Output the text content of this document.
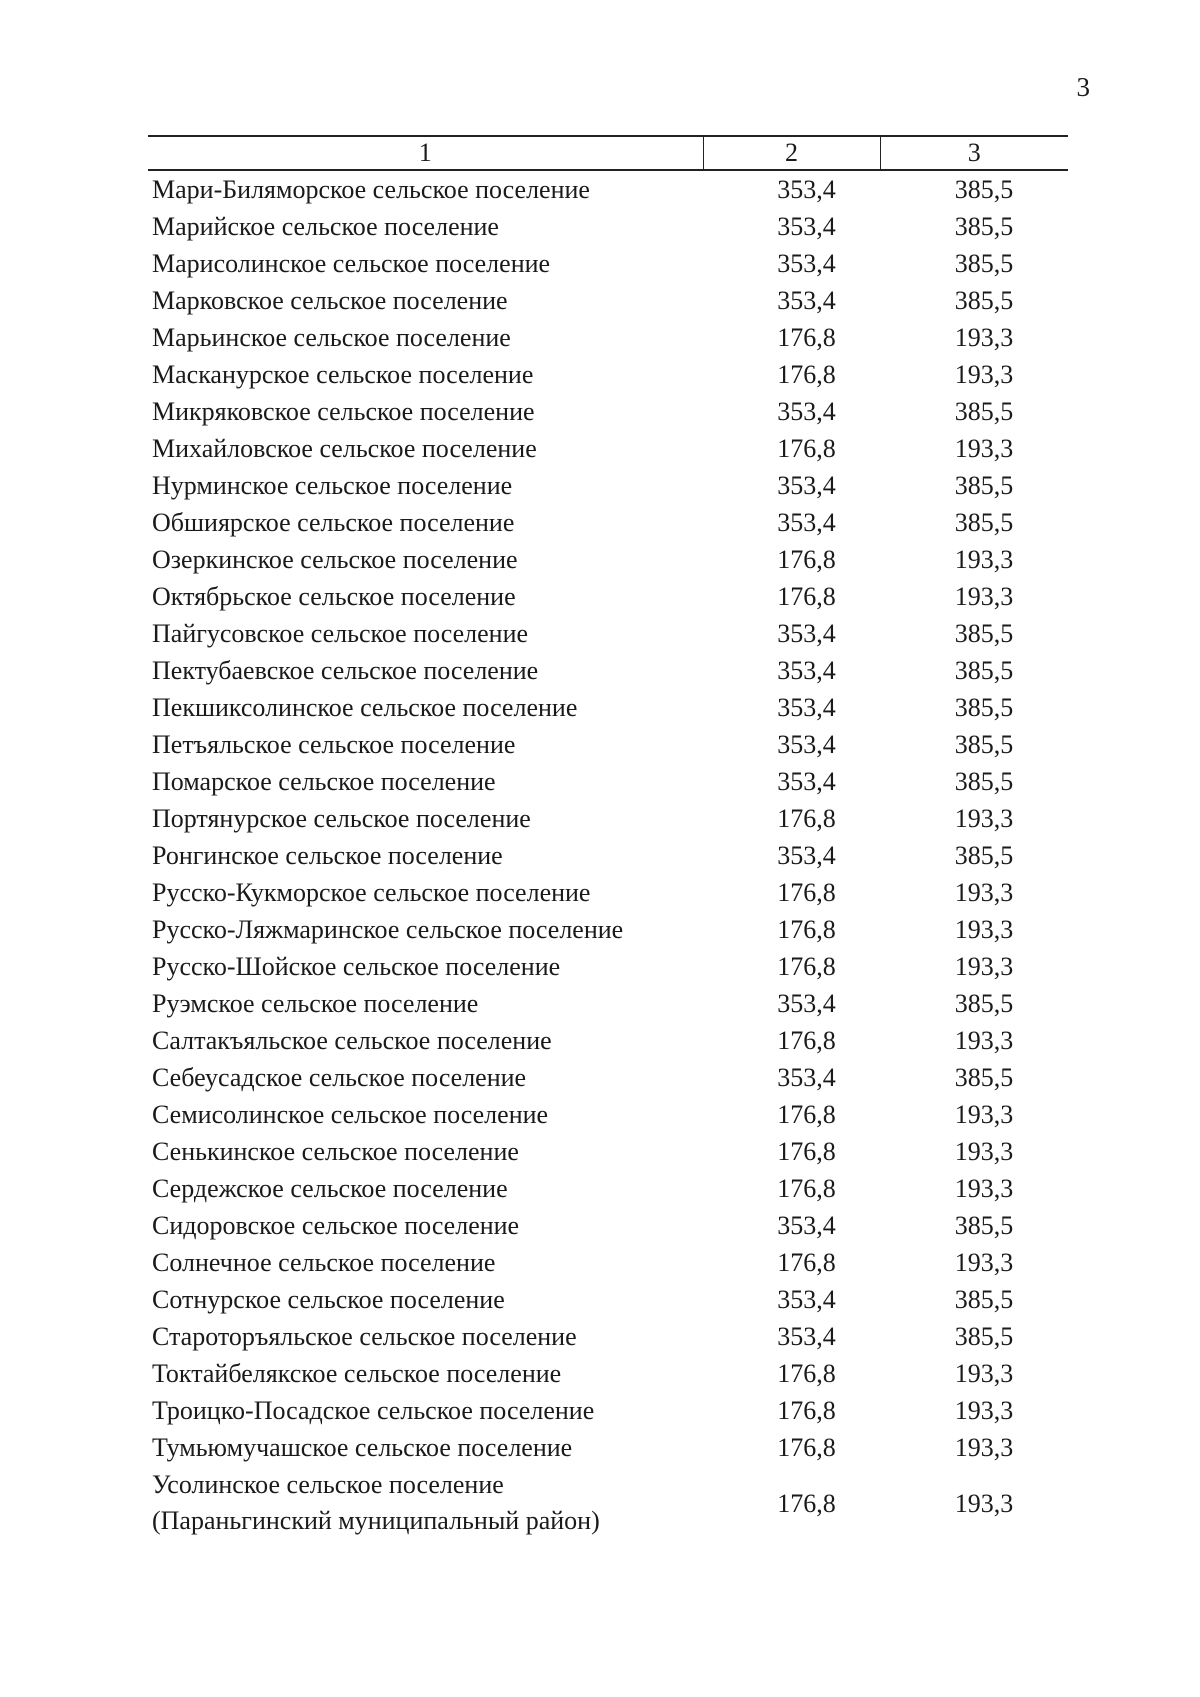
3
1	2	3
Мари-Биляморское сельское поселение	353,4	385,5
Марийское сельское поселение	353,4	385,5
Марисолинское сельское поселение	353,4	385,5
Марковское сельское поселение	353,4	385,5
Марьинское сельское поселение	176,8	193,3
Масканурское сельское поселение	176,8	193,3
Микряковское сельское поселение	353,4	385,5
Михайловское сельское поселение	176,8	193,3
Нурминское сельское поселение	353,4	385,5
Обшиярское сельское поселение	353,4	385,5
Озеркинское сельское поселение	176,8	193,3
Октябрьское сельское поселение	176,8	193,3
Пайгусовское сельское поселение	353,4	385,5
Пектубаевское сельское поселение	353,4	385,5
Пекшиксолинское сельское поселение	353,4	385,5
Петъяльское сельское поселение	353,4	385,5
Помарское сельское поселение	353,4	385,5
Портянурское сельское поселение	176,8	193,3
Ронгинское сельское поселение	353,4	385,5
Русско-Кукморское сельское поселение	176,8	193,3
Русско-Ляжмаринское сельское поселение	176,8	193,3
Русско-Шойское сельское поселение	176,8	193,3
Руэмское сельское поселение	353,4	385,5
Салтакъяльское сельское поселение	176,8	193,3
Себеусадское сельское поселение	353,4	385,5
Семисолинское сельское поселение	176,8	193,3
Сенькинское сельское поселение	176,8	193,3
Сердежское сельское поселение	176,8	193,3
Сидоровское сельское поселение	353,4	385,5
Солнечное сельское поселение	176,8	193,3
Сотнурское сельское поселение	353,4	385,5
Староторъяльское сельское поселение	353,4	385,5
Токтайбелякское сельское поселение	176,8	193,3
Троицко-Посадское сельское поселение	176,8	193,3
Тумьюмучашское сельское поселение	176,8	193,3

Усолинское сельское поселение
(Параньгинский муниципальный район)	176,8	193,3
